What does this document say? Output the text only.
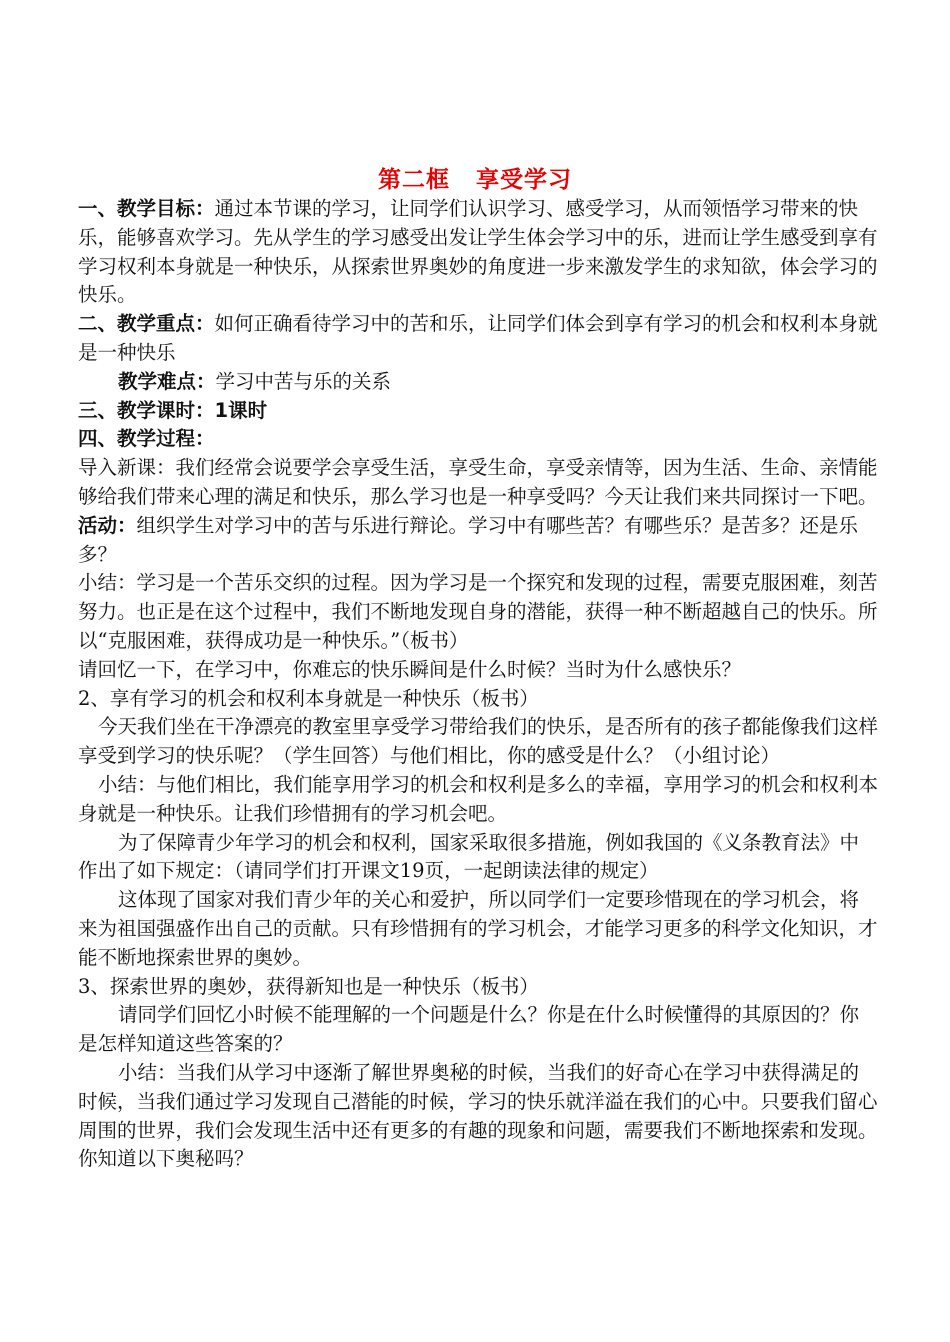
第二框 享受学习

一、教学目标：通过本节课的学习，让同学们认识学习、感受学习，从而领悟学习带来的快乐，能够喜欢学习。先从学生的学习感受出发让学生体会学习中的乐，进而让学生感受到享有学习权利本身就是一种快乐，从探索世界奥妙的角度进一步来激发学生的求知欲，体会学习的快乐。

二、教学重点：如何正确看待学习中的苦和乐，让同学们体会到享有学习的机会和权利本身就是一种快乐

教学难点：学习中苦与乐的关系

三、教学课时：1课时

四、教学过程：

导入新课：我们经常会说要学会享受生活，享受生命，享受亲情等，因为生活、生命、亲情能够给我们带来心理的满足和快乐，那么学习也是一种享受吗？今天让我们来共同探讨一下吧。

活动：组织学生对学习中的苦与乐进行辩论。学习中有哪些苦？有哪些乐？是苦多？还是乐多？

小结：学习是一个苦乐交织的过程。因为学习是一个探究和发现的过程，需要克服困难，刻苦努力。也正是在这个过程中，我们不断地发现自身的潜能，获得一种不断超越自己的快乐。所以“克服困难，获得成功是一种快乐。”（板书）

请回忆一下，在学习中，你难忘的快乐瞬间是什么时候？当时为什么感快乐？

2、享有学习的机会和权利本身就是一种快乐（板书）

今天我们坐在干净漂亮的教室里享受学习带给我们的快乐，是否所有的孩子都能像我们这样享受到学习的快乐呢？（学生回答）与他们相比，你的感受是什么？（小组讨论）

小结：与他们相比，我们能享用学习的机会和权利是多么的幸福，享用学习的机会和权利本身就是一种快乐。让我们珍惜拥有的学习机会吧。

为了保障青少年学习的机会和权利，国家采取很多措施，例如我国的《义条教育法》中作出了如下规定：（请同学们打开课文19页，一起朗读法律的规定）

这体现了国家对我们青少年的关心和爱护，所以同学们一定要珍惜现在的学习机会，将来为祖国强盛作出自己的贡献。只有珍惜拥有的学习机会，才能学习更多的科学文化知识，才能不断地探索世界的奥妙。

3、探索世界的奥妙，获得新知也是一种快乐（板书）

请同学们回忆小时候不能理解的一个问题是什么？你是在什么时候懂得的其原因的？你是怎样知道这些答案的？

小结：当我们从学习中逐渐了解世界奥秘的时候，当我们的好奇心在学习中获得满足的时候，当我们通过学习发现自己潜能的时候，学习的快乐就洋溢在我们的心中。只要我们留心周围的世界，我们会发现生活中还有更多的有趣的现象和问题，需要我们不断地探索和发现。你知道以下奥秘吗？
